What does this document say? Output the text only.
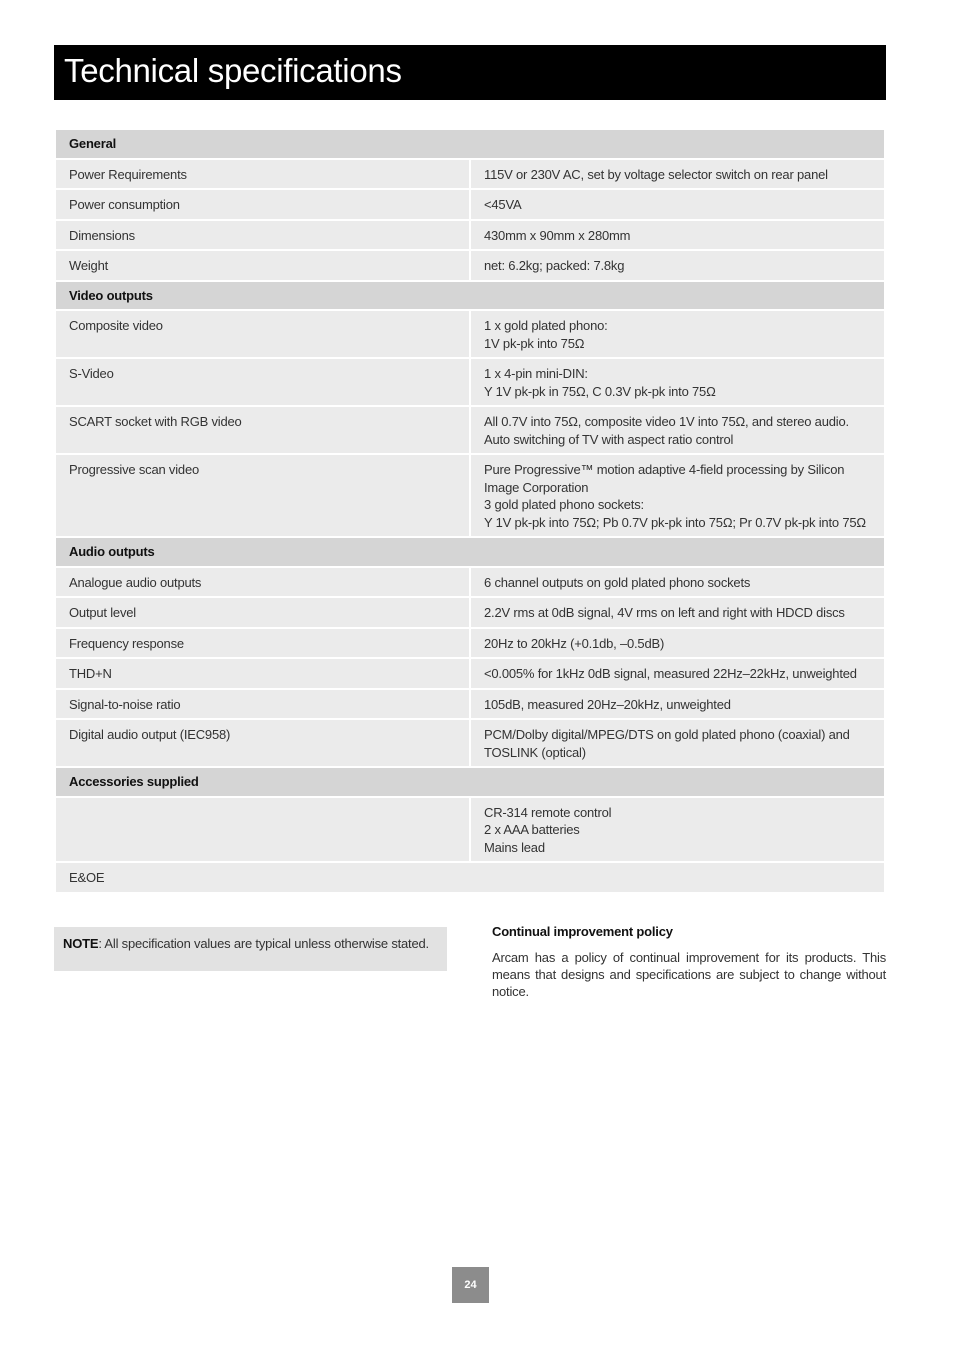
Technical specifications
General	
Power Requirements	115V or 230V AC, set by voltage selector switch on rear panel

Power consumption	<45VA

Dimensions	430mm x 90mm x 280mm

Weight	net: 6.2kg; packed: 7.8kg

Video outputs	
Composite video	1 x gold plated phono:
1V pk-pk into 75Ω

S-Video	1 x 4-pin mini-DIN:
Y 1V pk-pk in 75Ω, C 0.3V pk-pk into 75Ω

SCART socket with RGB video	All 0.7V into 75Ω, composite video 1V into 75Ω, and stereo audio.
Auto switching of TV with aspect ratio control

Progressive scan video	Pure Progressive™ motion adaptive 4-field processing by Silicon Image Corporation
3 gold plated phono sockets:
Y 1V pk-pk into 75Ω; Pb 0.7V pk-pk into 75Ω; Pr 0.7V pk-pk into 75Ω

Audio outputs	
Analogue audio outputs	6 channel outputs on gold plated phono sockets

Output level	2.2V rms at 0dB signal, 4V rms on left and right with HDCD discs

Frequency response	20Hz to 20kHz (+0.1db, –0.5dB)

THD+N	<0.005% for 1kHz 0dB signal, measured 22Hz–22kHz, unweighted

Signal-to-noise ratio	105dB, measured 20Hz–20kHz, unweighted

Digital audio output (IEC958)	PCM/Dolby digital/MPEG/DTS on gold plated phono (coaxial) and TOSLINK (optical)

Accessories supplied	

	CR-314 remote control
2 x AAA batteries
Mains lead

E&OE	
NOTE: All specification values are typical unless otherwise stated.
Continual improvement policy

Arcam has a policy of continual improvement for its products. This means that designs and specifications are subject to change without notice.

24
